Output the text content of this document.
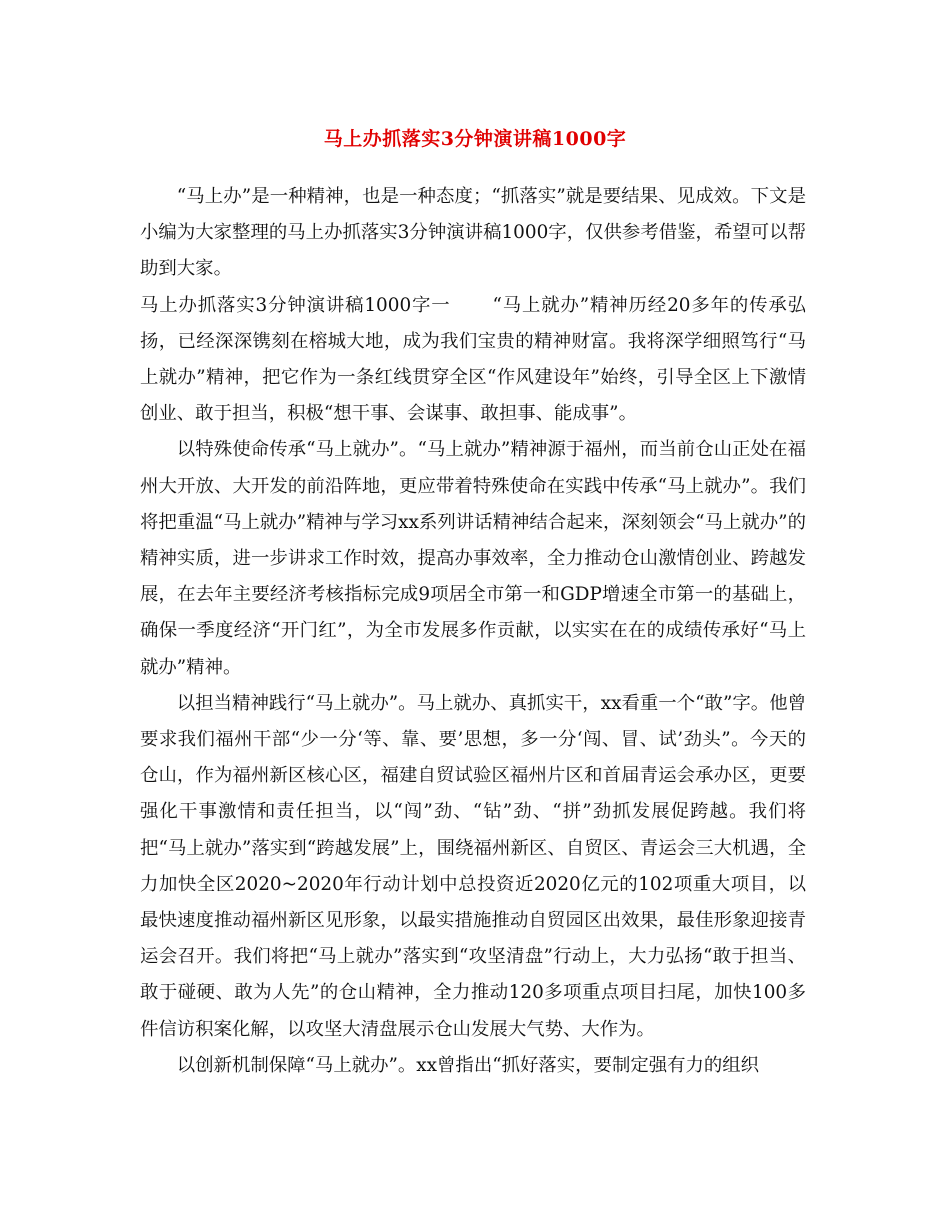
马上办抓落实3分钟演讲稿1000字

“马上办”是一种精神，也是一种态度；“抓落实”就是要结果、见成效。下文是小编为大家整理的马上办抓落实3分钟演讲稿1000字，仅供参考借鉴，希望可以帮助到大家。

马上办抓落实3分钟演讲稿1000字一 “马上就办”精神历经20多年的传承弘扬，已经深深镌刻在榕城大地，成为我们宝贵的精神财富。我将深学细照笃行“马上就办”精神，把它作为一条红线贯穿全区“作风建设年”始终，引导全区上下激情创业、敢于担当，积极“想干事、会谋事、敢担事、能成事”。

以特殊使命传承“马上就办”。“马上就办”精神源于福州，而当前仓山正处在福州大开放、大开发的前沿阵地，更应带着特殊使命在实践中传承“马上就办”。我们将把重温“马上就办”精神与学习xx系列讲话精神结合起来，深刻领会“马上就办”的精神实质，进一步讲求工作时效，提高办事效率，全力推动仓山激情创业、跨越发展，在去年主要经济考核指标完成9项居全市第一和GDP增速全市第一的基础上，确保一季度经济“开门红”，为全市发展多作贡献，以实实在在的成绩传承好“马上就办”精神。

以担当精神践行“马上就办”。马上就办、真抓实干，xx看重一个“敢”字。他曾要求我们福州干部“少一分‘等、靠、要’思想，多一分‘闯、冒、试’劲头”。今天的仓山，作为福州新区核心区，福建自贸试验区福州片区和首届青运会承办区，更要强化干事激情和责任担当，以“闯”劲、“钻”劲、“拼”劲抓发展促跨越。我们将把“马上就办”落实到“跨越发展”上，围绕福州新区、自贸区、青运会三大机遇，全力加快全区2020~2020年行动计划中总投资近2020亿元的102项重大项目，以最快速度推动福州新区见形象，以最实措施推动自贸园区出效果，最佳形象迎接青运会召开。我们将把“马上就办”落实到“攻坚清盘”行动上，大力弘扬“敢于担当、敢于碰硬、敢为人先”的仓山精神，全力推动120多项重点项目扫尾，加快100多件信访积案化解，以攻坚大清盘展示仓山发展大气势、大作为。

以创新机制保障“马上就办”。xx曾指出“抓好落实，要制定强有力的组织
